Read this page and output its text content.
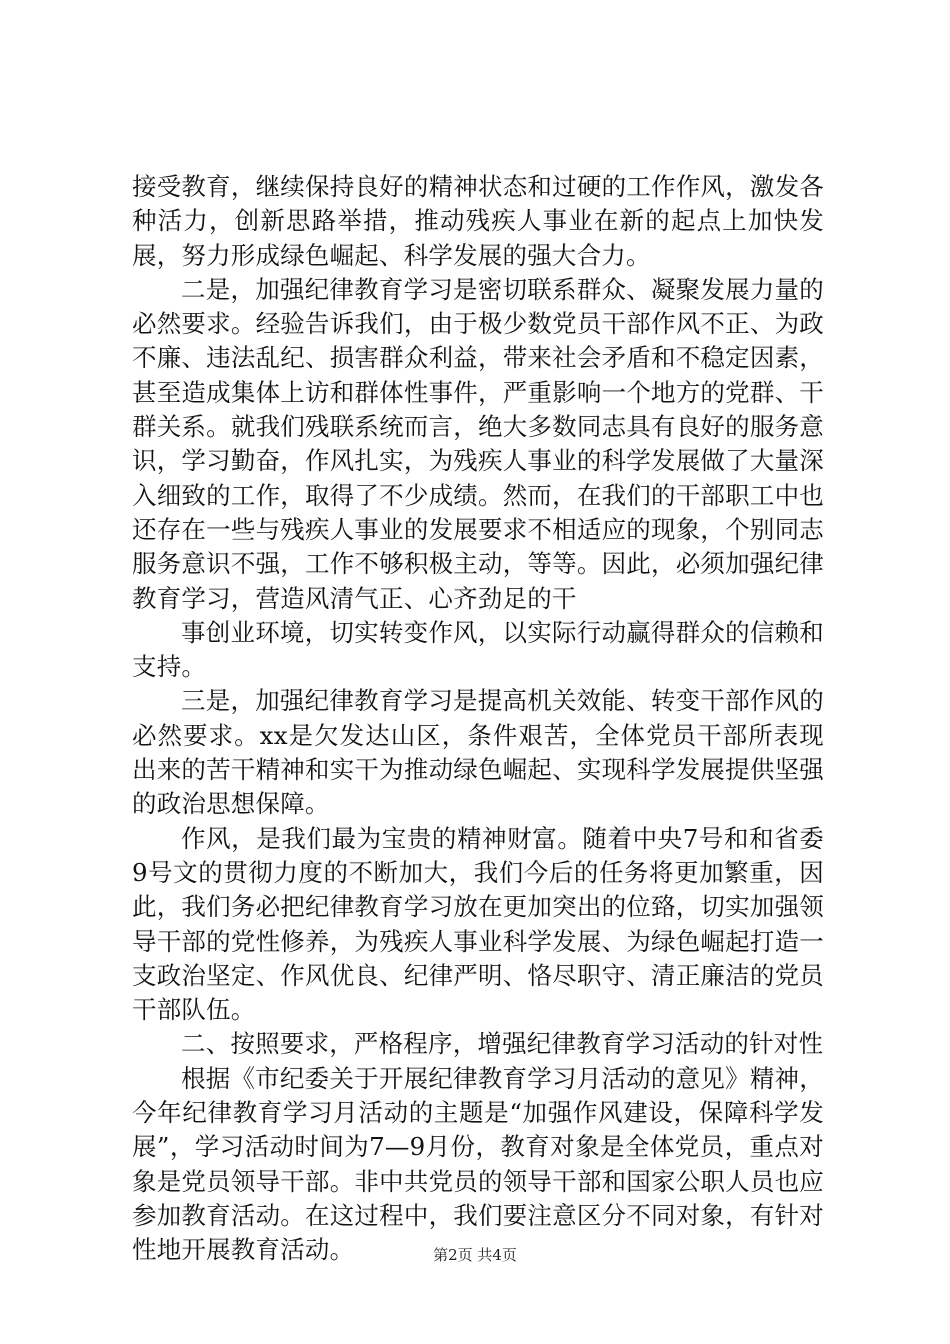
接受教育，继续保持良好的精神状态和过硬的工作作风，激发各种活力，创新思路举措，推动残疾人事业在新的起点上加快发展，努力形成绿色崛起、科学发展的强大合力。

二是，加强纪律教育学习是密切联系群众、凝聚发展力量的必然要求。经验告诉我们，由于极少数党员干部作风不正、为政不廉、违法乱纪、损害群众利益，带来社会矛盾和不稳定因素，甚至造成集体上访和群体性事件，严重影响一个地方的党群、干群关系。就我们残联系统而言，绝大多数同志具有良好的服务意识，学习勤奋，作风扎实，为残疾人事业的科学发展做了大量深入细致的工作，取得了不少成绩。然而，在我们的干部职工中也还存在一些与残疾人事业的发展要求不相适应的现象，个别同志服务意识不强，工作不够积极主动，等等。因此，必须加强纪律教育学习，营造风清气正、心齐劲足的干

事创业环境，切实转变作风，以实际行动赢得群众的信赖和支持。

三是，加强纪律教育学习是提高机关效能、转变干部作风的必然要求。xx是欠发达山区，条件艰苦，全体党员干部所表现出来的苦干精神和实干为推动绿色崛起、实现科学发展提供坚强的政治思想保障。

作风，是我们最为宝贵的精神财富。随着中央7号和和省委9号文的贯彻力度的不断加大，我们今后的任务将更加繁重，因此，我们务必把纪律教育学习放在更加突出的位臵，切实加强领导干部的党性修养，为残疾人事业科学发展、为绿色崛起打造一支政治坚定、作风优良、纪律严明、恪尽职守、清正廉洁的党员干部队伍。

二、按照要求，严格程序，增强纪律教育学习活动的针对性

根据《市纪委关于开展纪律教育学习月活动的意见》精神，今年纪律教育学习月活动的主题是“加强作风建设，保障科学发展”，学习活动时间为7—9月份，教育对象是全体党员，重点对象是党员领导干部。非中共党员的领导干部和国家公职人员也应参加教育活动。在这过程中，我们要注意区分不同对象，有针对性地开展教育活动。	第2页 共4页
